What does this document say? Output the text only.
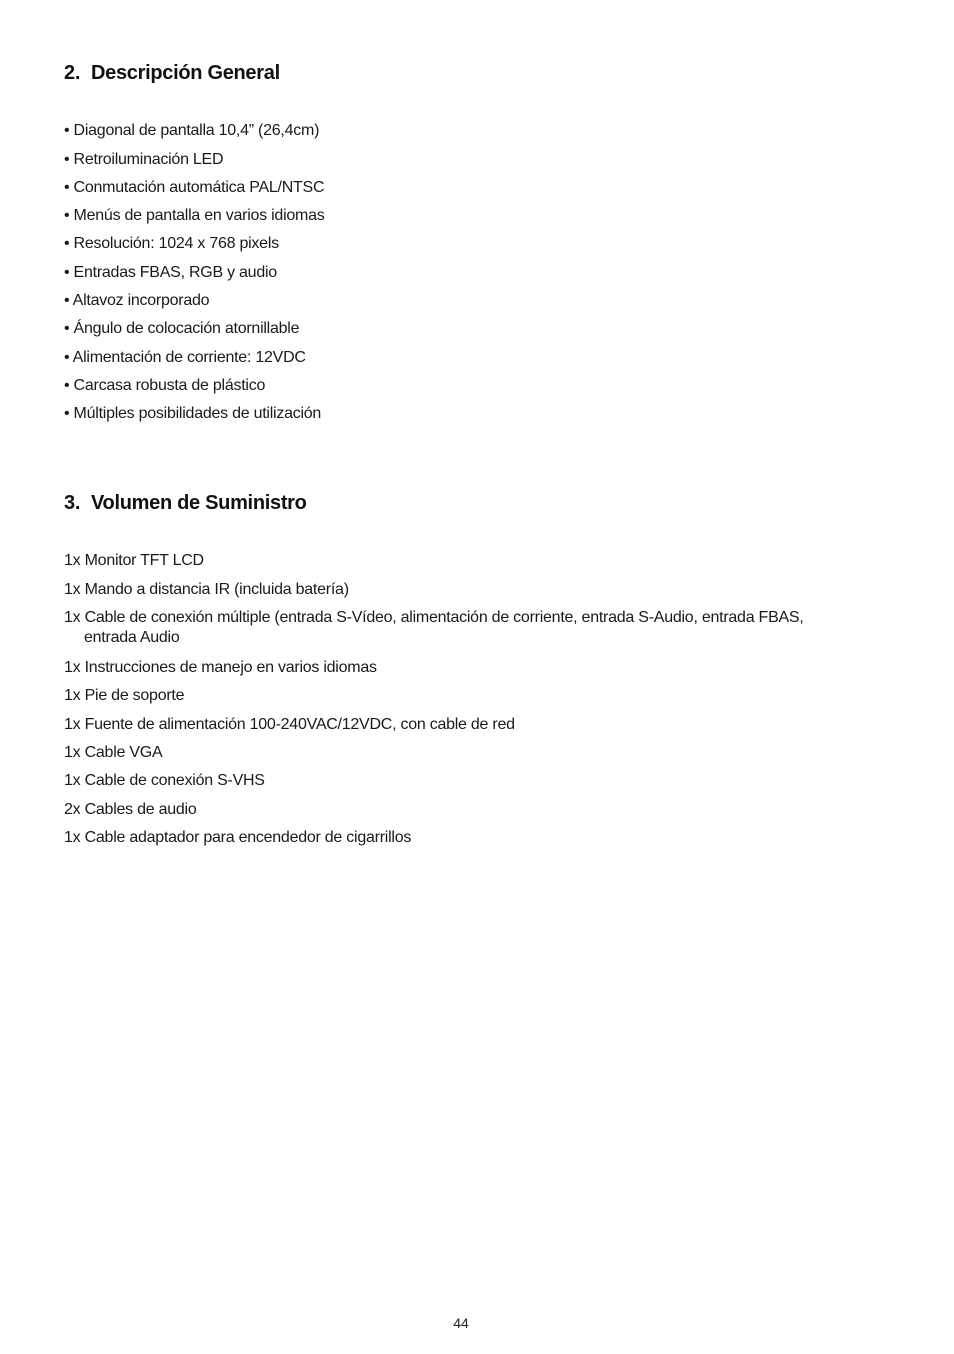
2. Descripción General
• Diagonal de pantalla 10,4” (26,4cm)
• Retroiluminación LED
• Conmutación automática PAL/NTSC
• Menús de pantalla en varios idiomas
• Resolución: 1024 x 768 pixels
• Entradas FBAS, RGB y audio
• Altavoz incorporado
• Ángulo de colocación atornillable
• Alimentación de corriente: 12VDC
• Carcasa robusta de plástico
• Múltiples posibilidades de utilización
3. Volumen de Suministro
1x Monitor TFT LCD
1x Mando a distancia IR (incluida batería)
1x Cable de conexión múltiple (entrada S-Vídeo, alimentación de corriente, entrada S-Audio, entrada FBAS,
entrada Audio
1x Instrucciones de manejo en varios idiomas
1x Pie de soporte
1x Fuente de alimentación 100-240VAC/12VDC, con cable de red
1x Cable VGA
1x Cable de conexión S-VHS
2x Cables de audio
1x Cable adaptador para encendedor de cigarrillos
44
